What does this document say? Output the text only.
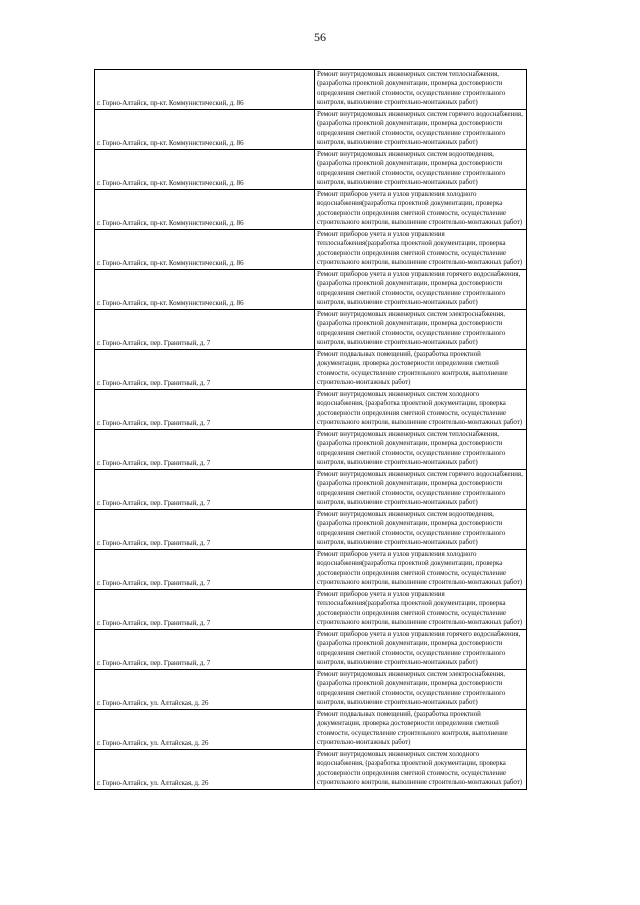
56
г. Горно-Алтайск, пр-кт. Коммунистический, д. 86	Ремонт внутридомовых инженерных систем теплоснабжения, (разработка проектной документации, проверка достоверности определения сметной стоимости, осуществление строительного контроля, выполнение строительно-монтажных работ)

г. Горно-Алтайск, пр-кт. Коммунистический, д. 86	Ремонт внутридомовых инженерных систем горячего водоснабжения, (разработка проектной документации, проверка достоверности определения сметной стоимости, осуществление строительного контроля, выполнение строительно-монтажных работ)

г. Горно-Алтайск, пр-кт. Коммунистический, д. 86	Ремонт внутридомовых инженерных систем водоотведения, (разработка проектной документации, проверка достоверности определения сметной стоимости, осуществление строительного контроля, выполнение строительно-монтажных работ)

г. Горно-Алтайск, пр-кт. Коммунистический, д. 86	Ремонт приборов учета и узлов управления холодного водоснабжения(разработка проектной документации, проверка достоверности определения сметной стоимости, осуществление строительного контроля, выполнение строительно-монтажных работ)

г. Горно-Алтайск, пр-кт. Коммунистический, д. 86	Ремонт приборов учета и узлов управления теплоснабжения(разработка проектной документации, проверка достоверности определения сметной стоимости, осуществление строительного контроля, выполнение строительно-монтажных работ)

г. Горно-Алтайск, пр-кт. Коммунистический, д. 86	Ремонт приборов учета и узлов управления горячего водоснабжения, (разработка проектной документации, проверка достоверности определения сметной стоимости, осуществление строительного контроля, выполнение строительно-монтажных работ)

г. Горно-Алтайск, пер. Гранитный, д. 7	Ремонт внутридомовых инженерных систем электроснабжения, (разработка проектной документации, проверка достоверности определения сметной стоимости, осуществление строительного контроля, выполнение строительно-монтажных работ)

г. Горно-Алтайск, пер. Гранитный, д. 7	Ремонт подвальных помещений, (разработка проектной документации, проверка достоверности определения сметной стоимости, осуществление строительного контроля, выполнение строительно-монтажных работ)

г. Горно-Алтайск, пер. Гранитный, д. 7	Ремонт внутридомовых инженерных систем холодного водоснабжения, (разработка проектной документации, проверка достоверности определения сметной стоимости, осуществление строительного контроля, выполнение строительно-монтажных работ)

г. Горно-Алтайск, пер. Гранитный, д. 7	Ремонт внутридомовых инженерных систем теплоснабжения, (разработка проектной документации, проверка достоверности определения сметной стоимости, осуществление строительного контроля, выполнение строительно-монтажных работ)

г. Горно-Алтайск, пер. Гранитный, д. 7	Ремонт внутридомовых инженерных систем горячего водоснабжения, (разработка проектной документации, проверка достоверности определения сметной стоимости, осуществление строительного контроля, выполнение строительно-монтажных работ)

г. Горно-Алтайск, пер. Гранитный, д. 7	Ремонт внутридомовых инженерных систем водоотведения, (разработка проектной документации, проверка достоверности определения сметной стоимости, осуществление строительного контроля, выполнение строительно-монтажных работ)

г. Горно-Алтайск, пер. Гранитный, д. 7	Ремонт приборов учета и узлов управления холодного водоснабжения(разработка проектной документации, проверка достоверности определения сметной стоимости, осуществление строительного контроля, выполнение строительно-монтажных работ)

г. Горно-Алтайск, пер. Гранитный, д. 7	Ремонт приборов учета и узлов управления теплоснабжения(разработка проектной документации, проверка достоверности определения сметной стоимости, осуществление строительного контроля, выполнение строительно-монтажных работ)

г. Горно-Алтайск, пер. Гранитный, д. 7	Ремонт приборов учета и узлов управления горячего водоснабжения, (разработка проектной документации, проверка достоверности определения сметной стоимости, осуществление строительного контроля, выполнение строительно-монтажных работ)

г. Горно-Алтайск, ул. Алтайская, д. 26	Ремонт внутридомовых инженерных систем электроснабжения, (разработка проектной документации, проверка достоверности определения сметной стоимости, осуществление строительного контроля, выполнение строительно-монтажных работ)

г. Горно-Алтайск, ул. Алтайская, д. 26	Ремонт подвальных помещений, (разработка проектной документации, проверка достоверности определения сметной стоимости, осуществление строительного контроля, выполнение строительно-монтажных работ)

г. Горно-Алтайск, ул. Алтайская, д. 26	Ремонт внутридомовых инженерных систем холодного водоснабжения, (разработка проектной документации, проверка достоверности определения сметной стоимости, осуществление строительного контроля, выполнение строительно-монтажных работ)
